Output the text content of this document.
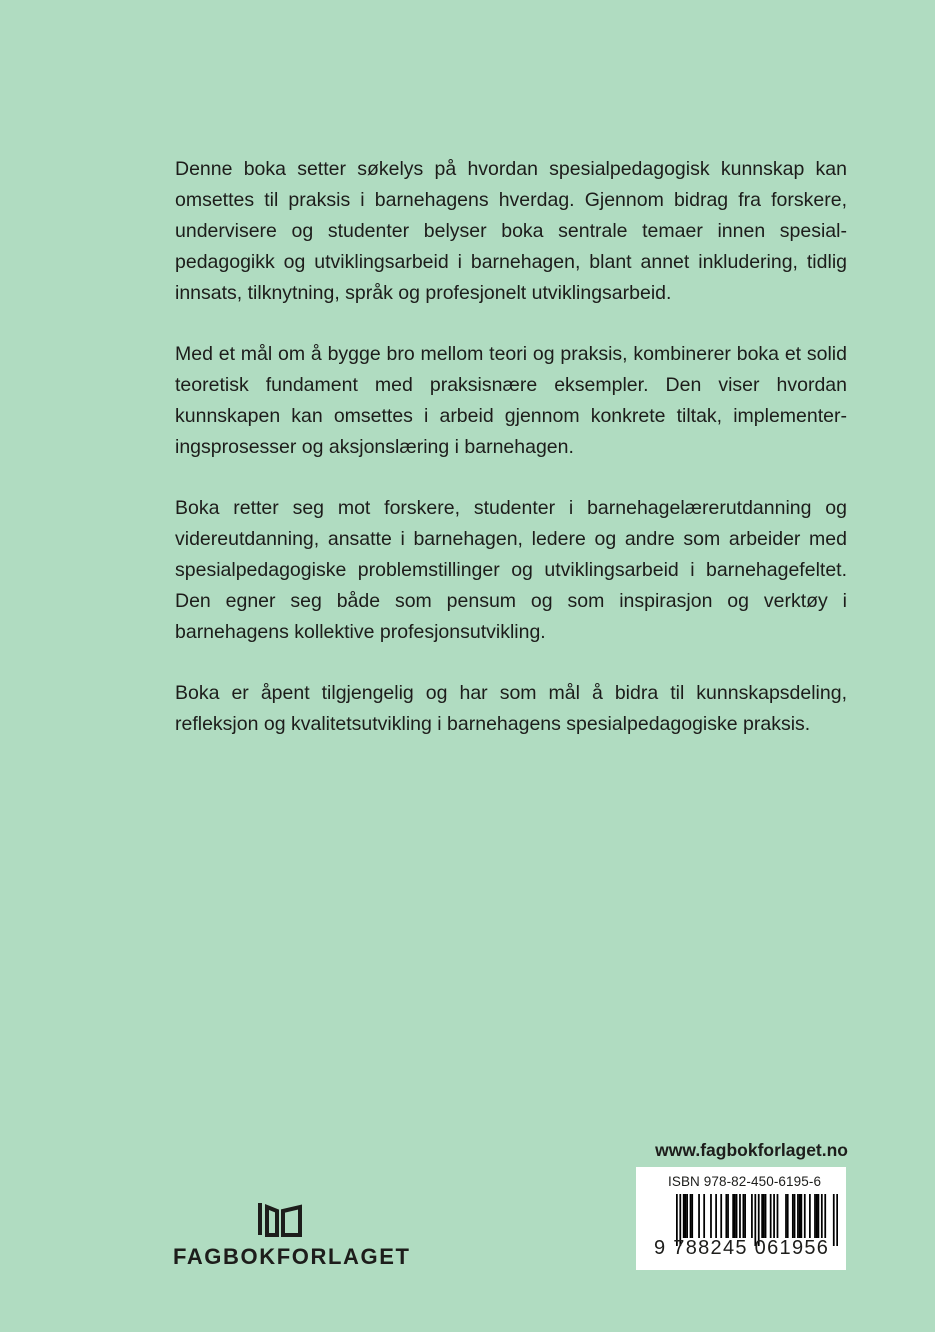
Denne boka setter søkelys på hvordan spesialpedagogisk kunnskap kan omsettes til praksis i barnehagens hverdag. Gjennom bidrag fra forskere, undervisere og studenter belyser boka sentrale temaer innen spesialpedagogikk og utviklingsarbeid i barnehagen, blant annet inkludering, tidlig innsats, tilknytning, språk og profesjonelt utviklingsarbeid.

Med et mål om å bygge bro mellom teori og praksis, kombinerer boka et solid teoretisk fundament med praksisnære eksempler. Den viser hvordan kunnskapen kan omsettes i arbeid gjennom konkrete tiltak, implementeringsprosesser og aksjonslæring i barnehagen.

Boka retter seg mot forskere, studenter i barnehagelærerutdanning og videreutdanning, ansatte i barnehagen, ledere og andre som arbeider med spesialpedagogiske problemstillinger og utviklingsarbeid i barnehagefeltet. Den egner seg både som pensum og som inspirasjon og verktøy i barnehagens kollektive profesjonsutvikling.

Boka er åpent tilgjengelig og har som mål å bidra til kunnskapsdeling, refleksjon og kvalitetsutvikling i barnehagens spesialpedagogiske praksis.

www.fagbokforlaget.no
ISBN 978-82-450-6195-6
9 788245 061956
FAGBOKFORLAGET
